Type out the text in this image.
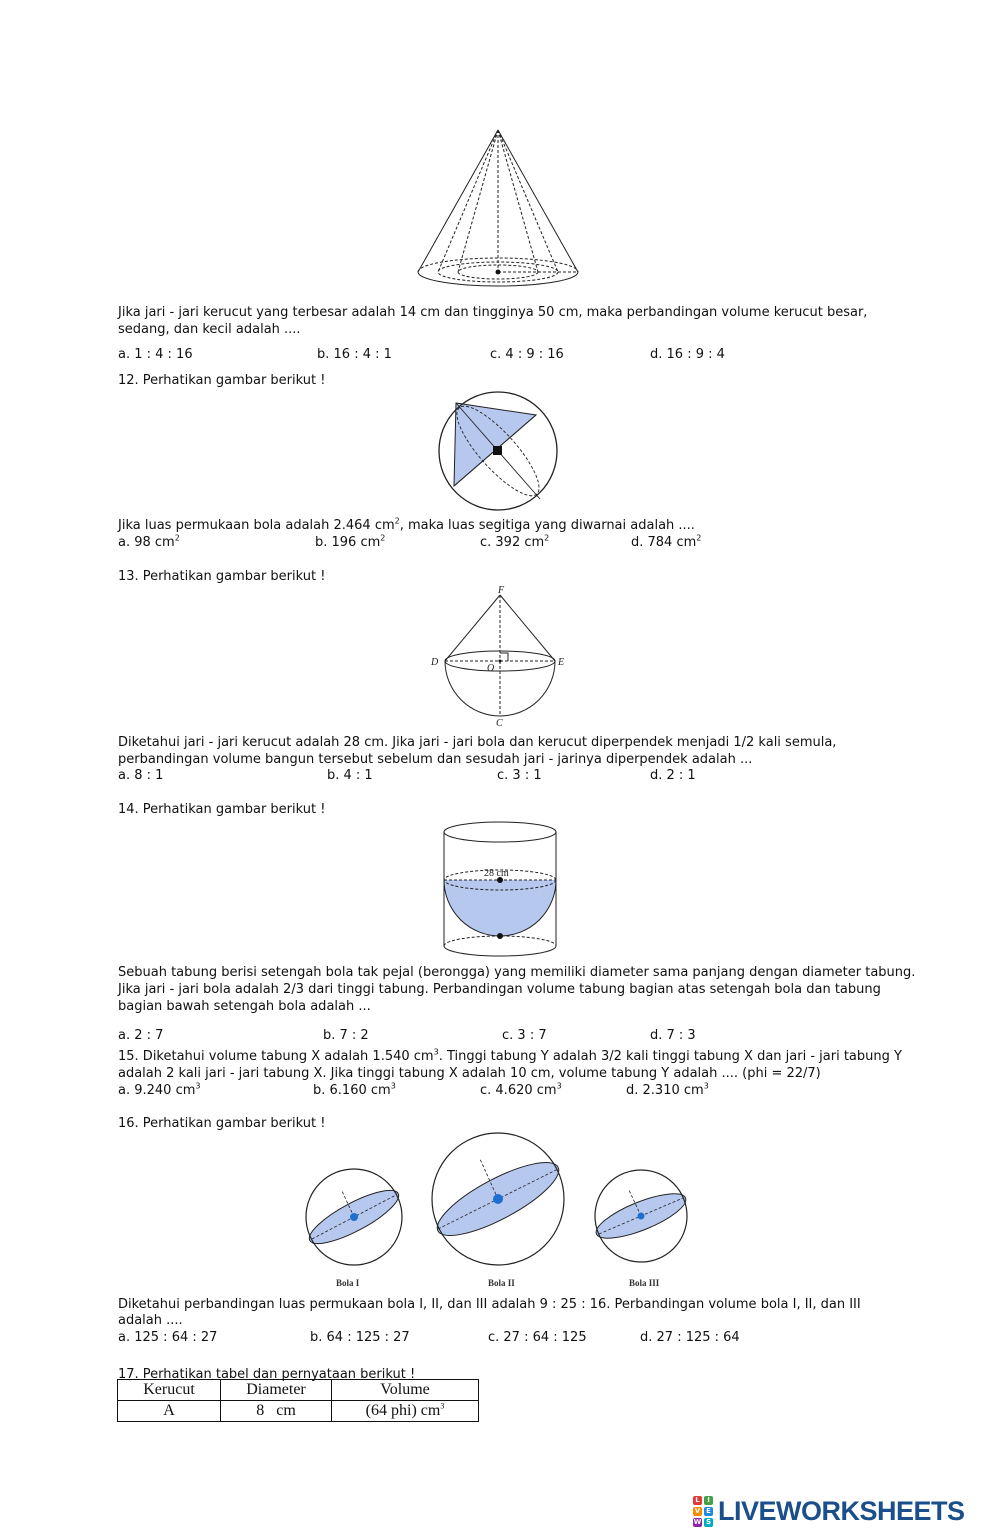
Jika jari - jari kerucut yang terbesar adalah 14 cm dan tingginya 50 cm, maka perbandingan volume kerucut besar, sedang, dan kecil adalah ....
a. 1 : 4 : 16	b. 16 : 4 : 1	c. 4 : 9 : 16	d. 16 : 9 : 4
12. Perhatikan gambar berikut !
Jika luas permukaan bola adalah 2.464 $cm^2$, maka luas segitiga yang diwarnai adalah ....
a. 98 $cm^2$	b. 196 $cm^2$	c. 392 $cm^2$	d. 784 $cm^2$
13. Perhatikan gambar berikut !
F
D	E
O
C
Diketahui jari - jari kerucut adalah 28 cm. Jika jari - jari bola dan kerucut diperpendek menjadi 1/2 kali semula,
perbandingan volume bangun tersebut sebelum dan sesudah jari - jarinya diperpendek adalah ...
a. 8 : 1	b. 4 : 1	c. 3 : 1	d. 2 : 1
14. Perhatikan gambar berikut !
28 cm
Sebuah tabung berisi setengah bola tak pejal (berongga) yang memiliki diameter sama panjang dengan diameter tabung.
Jika jari - jari bola adalah 2/3 dari tinggi tabung. Perbandingan volume tabung bagian atas setengah bola dan tabung
bagian bawah setengah bola adalah ...
a. 2 : 7	b. 7 : 2	c. 3 : 7	d. 7 : 3
15. Diketahui volume tabung X adalah 1.540 $cm^3$. Tinggi tabung Y adalah 3/2 kali tinggi tabung X dan jari - jari tabung Y
adalah 2 kali jari - jari tabung X. Jika tinggi tabung X adalah 10 cm, volume tabung Y adalah .... (phi = 22/7)
a. 9.240 $cm^3$	b. 6.160 $cm^3$	c. 4.620 $cm^3$	d. 2.310 $cm^3$
16. Perhatikan gambar berikut !
Bola I	Bola II	Bola III
Diketahui perbandingan luas permukaan bola I, II, dan III adalah 9 : 25 : 16. Perbandingan volume bola I, II, dan III
adalah ....
a. 125 : 64 : 27	b. 64 : 125 : 27	c. 27 : 64 : 125	d. 27 : 125 : 64
17. Perhatikan tabel dan pernyataan berikut !
Kerucut	Diameter	Volume
A	8   cm	(64 phi) $cm^3$
L	I
V E
W S LIVEWORKSHEETS
